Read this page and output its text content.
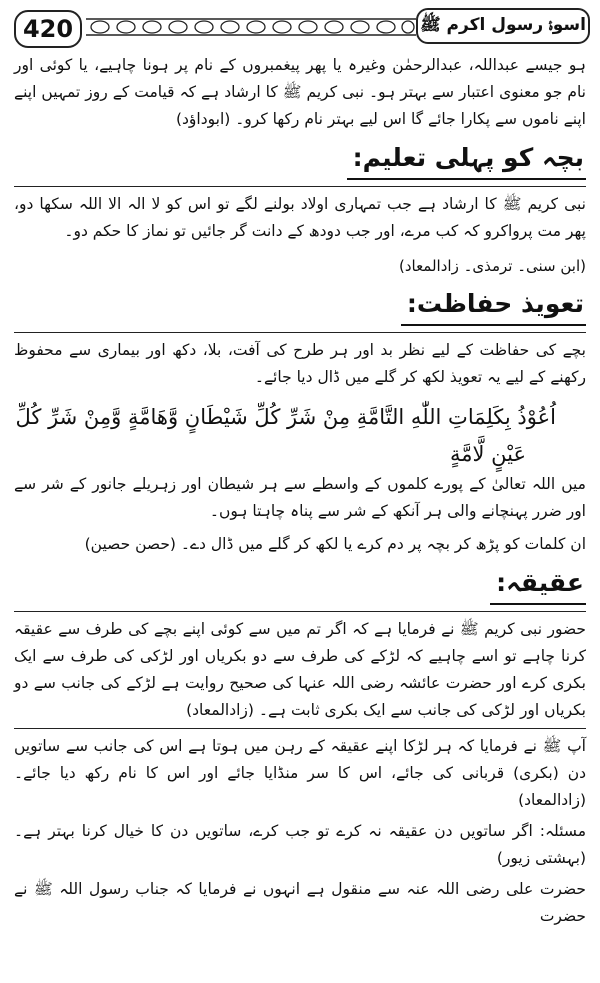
420	اسوۂ رسول اکرم ﷺ

ہو جیسے عبداللہ، عبدالرحمٰن وغیرہ یا پھر پیغمبروں کے نام پر ہونا چاہیے، یا کوئی اور نام جو معنوی اعتبار سے بہتر ہو۔ نبی کریم ﷺ کا ارشاد ہے کہ قیامت کے روز تمہیں اپنے اپنے ناموں سے پکارا جائے گا اس لیے بہتر نام رکھا کرو۔ (ابوداؤد)

بچہ کو پہلی تعلیم:

نبی کریم ﷺ کا ارشاد ہے جب تمہاری اولاد بولنے لگے تو اس کو لا الہ الا اللہ سکھا دو، پھر مت پرواکرو کہ کب مرے، اور جب دودھ کے دانت گر جائیں تو نماز کا حکم دو۔

(ابن سنی۔ ترمذی۔ زادالمعاد)

تعویذ حفاظت:

بچے کی حفاظت کے لیے نظر بد اور ہر طرح کی آفت، بلا، دکھ اور بیماری سے محفوظ رکھنے کے لیے یہ تعویذ لکھ کر گلے میں ڈال دیا جائے۔

اُعُوْذُ بِكَلِمَاتِ اللّٰهِ التَّامَّةِ مِنْ شَرِّ كُلِّ شَيْطَانٍ وَّهَامَّةٍ وَّمِنْ شَرِّ كُلِّ

عَيْنٍ لَّامَّةٍ

میں اللہ تعالیٰ کے پورے کلموں کے واسطے سے ہر شیطان اور زہریلے جانور کے شر سے اور ضرر پہنچانے والی ہر آنکھ کے شر سے پناہ چاہتا ہوں۔

ان کلمات کو پڑھ کر بچہ پر دم کرے یا لکھ کر گلے میں ڈال دے۔ (حصن حصین)

عقیقہ:

حضور نبی کریم ﷺ نے فرمایا ہے کہ اگر تم میں سے کوئی اپنے بچے کی طرف سے عقیقہ کرنا چاہے تو اسے چاہیے کہ لڑکے کی طرف سے دو بکریاں اور لڑکی کی طرف سے ایک بکری کرے اور حضرت عائشہ رضی اللہ عنہا کی صحیح روایت ہے لڑکے کی جانب سے دو بکریاں اور لڑکی کی جانب سے ایک بکری ثابت ہے۔ (زادالمعاد)

آپ ﷺ نے فرمایا کہ ہر لڑکا اپنے عقیقہ کے رہن میں ہوتا ہے اس کی جانب سے ساتویں دن (بکری) قربانی کی جائے، اس کا سر منڈایا جائے اور اس کا نام رکھ دیا جائے۔ (زادالمعاد)

مسئلہ: اگر ساتویں دن عقیقہ نہ کرے تو جب کرے، ساتویں دن کا خیال کرنا بہتر ہے۔ (بہشتی زیور)

حضرت علی رضی اللہ عنہ سے منقول ہے انہوں نے فرمایا کہ جناب رسول اللہ ﷺ نے حضرت
